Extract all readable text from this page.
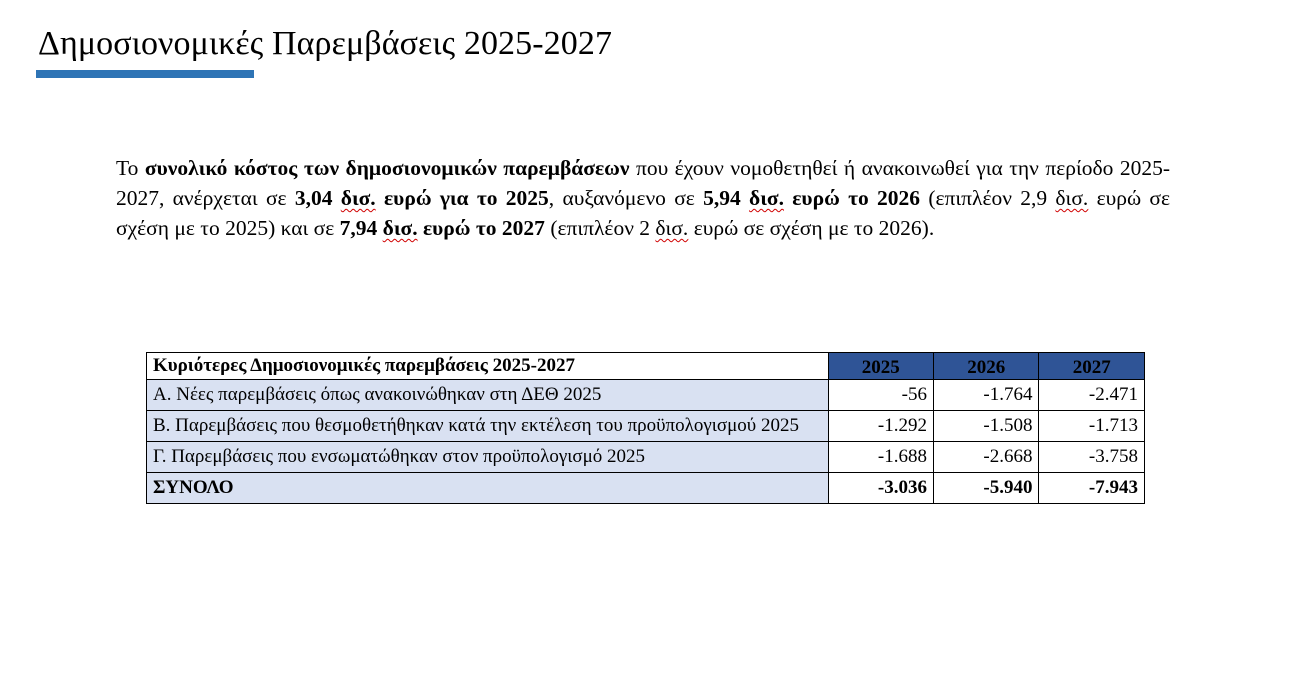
Δημοσιονομικές Παρεμβάσεις 2025-2027

Το συνολικό κόστος των δημοσιονομικών παρεμβάσεων που έχουν νομοθετηθεί ή ανακοινωθεί για την περίοδο 2025-2027, ανέρχεται σε 3,04 δισ. ευρώ για το 2025, αυξανόμενο σε 5,94 δισ. ευρώ το 2026 (επιπλέον 2,9 δισ. ευρώ σε σχέση με το 2025) και σε 7,94 δισ. ευρώ το 2027 (επιπλέον 2 δισ. ευρώ σε σχέση με το 2026).

Κυριότερες Δημοσιονομικές παρεμβάσεις 2025-2027	2025	2026	2027
Α. Νέες παρεμβάσεις όπως ανακοινώθηκαν στη ΔΕΘ 2025	-56	-1.764	-2.471
Β. Παρεμβάσεις που θεσμοθετήθηκαν κατά την εκτέλεση του προϋπολογισμού 2025	-1.292	-1.508	-1.713
Γ. Παρεμβάσεις που ενσωματώθηκαν στον προϋπολογισμό 2025	-1.688	-2.668	-3.758
ΣΥΝΟΛΟ	-3.036	-5.940	-7.943
